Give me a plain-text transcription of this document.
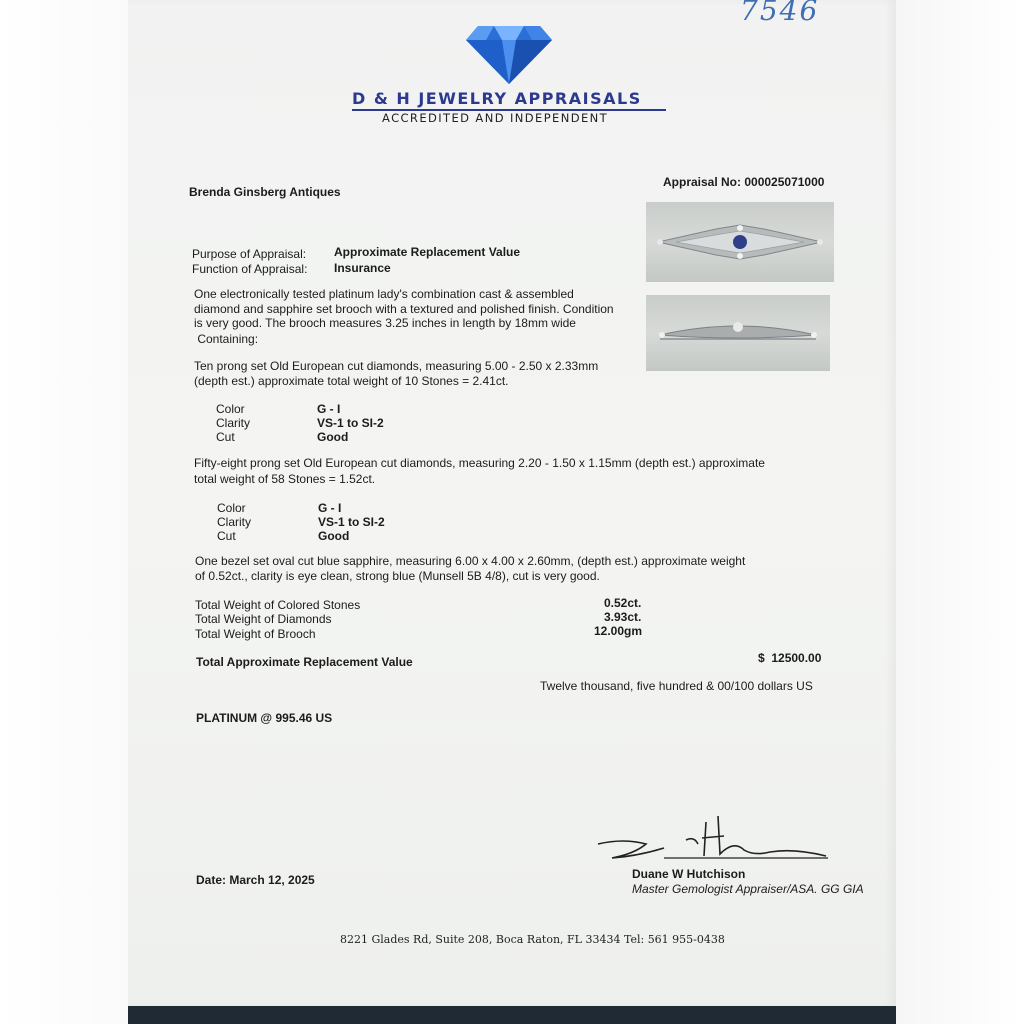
7546
D & H JEWELRY APPRAISALS
ACCREDITED AND INDEPENDENT
Brenda Ginsberg Antiques
Appraisal No: 000025071000
Purpose of Appraisal: Approximate Replacement Value
Function of Appraisal: Insurance
One electronically tested platinum lady's combination cast & assembled
diamond and sapphire set brooch with a textured and polished finish. Condition
is very good. The brooch measures 3.25 inches in length by 18mm wide
Containing:
Ten prong set Old European cut diamonds, measuring 5.00 - 2.50 x 2.33mm
(depth est.) approximate total weight of 10 Stones = 2.41ct.
Color	G - I
Clarity	VS-1 to SI-2
Cut	Good
Fifty-eight prong set Old European cut diamonds, measuring 2.20 - 1.50 x 1.15mm (depth est.) approximate
total weight of 58 Stones = 1.52ct.
Color	G - I
Clarity	VS-1 to SI-2
Cut	Good
One bezel set oval cut blue sapphire, measuring 6.00 x 4.00 x 2.60mm, (depth est.) approximate weight
of 0.52ct., clarity is eye clean, strong blue (Munsell 5B 4/8), cut is very good.
Total Weight of Colored Stones	0.52ct.
Total Weight of Diamonds	3.93ct.
Total Weight of Brooch	12.00gm
Total Approximate Replacement Value	$  12500.00
Twelve thousand, five hundred & 00/100 dollars US
PLATINUM @ 995.46 US
Date: March 12, 2025	Duane W Hutchison
Master Gemologist Appraiser/ASA. GG GIA
8221 Glades Rd, Suite 208, Boca Raton, FL 33434 Tel: 561 955-0438
